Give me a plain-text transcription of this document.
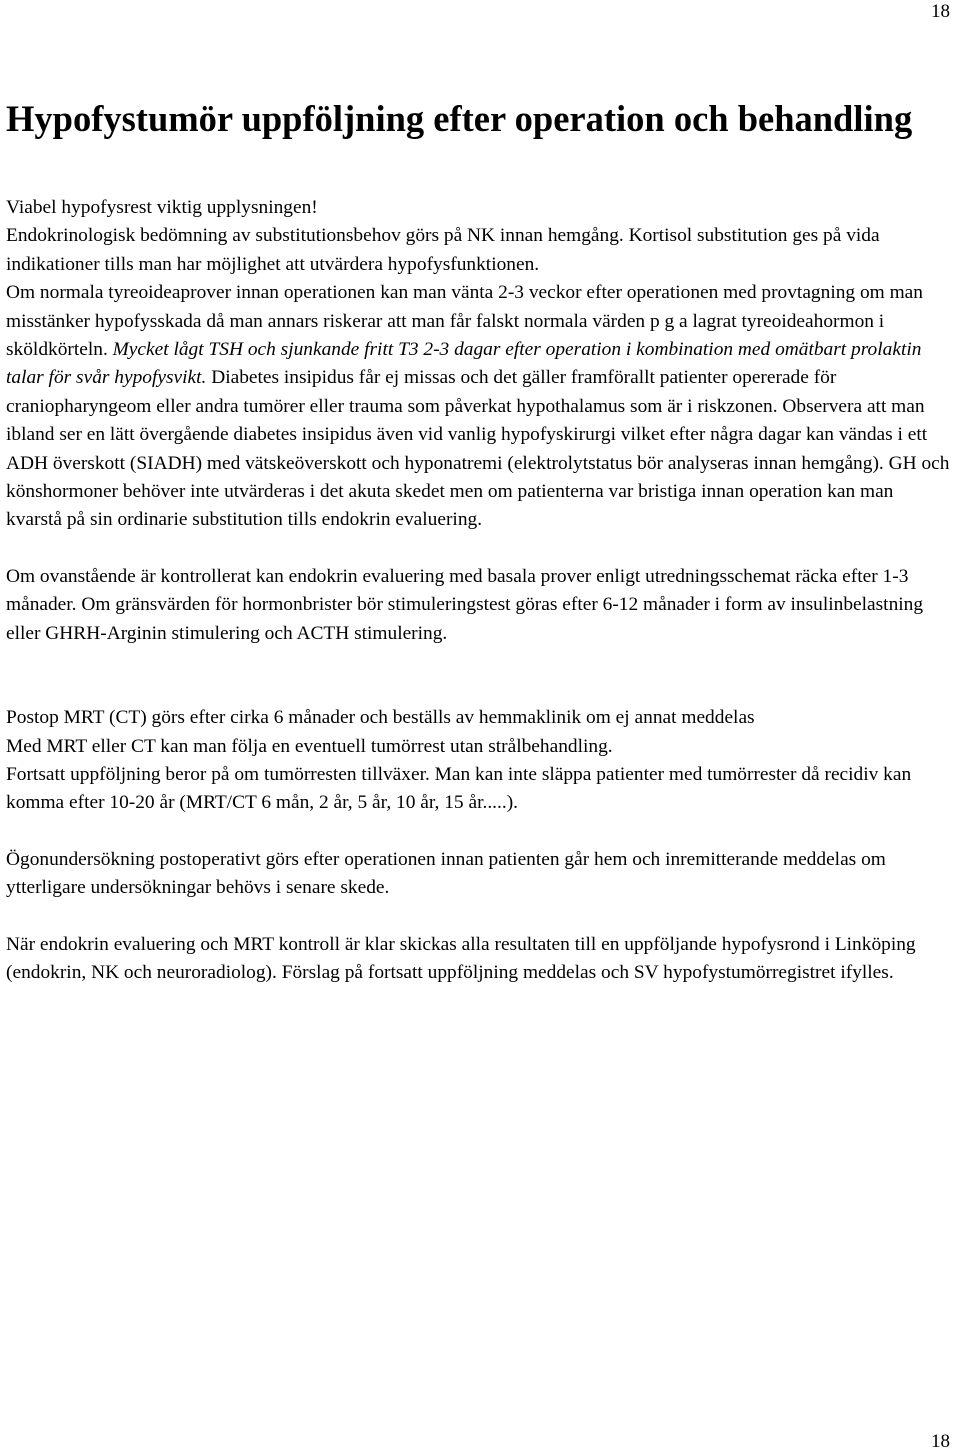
18
Hypofystumör uppföljning efter operation och behandling

Viabel hypofysrest viktig upplysningen!
Endokrinologisk bedömning av substitutionsbehov görs på NK innan hemgång. Kortisol substitution ges på vida indikationer tills man har möjlighet att utvärdera hypofysfunktionen.
Om normala tyreoideaprover innan operationen kan man vänta 2-3 veckor efter operationen med provtagning om man misstänker hypofysskada då man annars riskerar att man får falskt normala värden p g a lagrat tyreoideahormon i sköldkörteln. Mycket lågt TSH och sjunkande fritt T3 2-3 dagar efter operation i kombination med omätbart prolaktin talar för svår hypofysvikt. Diabetes insipidus får ej missas och det gäller framförallt patienter opererade för craniopharyngeom eller andra tumörer eller trauma som påverkat hypothalamus som är i riskzonen. Observera att man ibland ser en lätt övergående diabetes insipidus även vid vanlig hypofyskirurgi vilket efter några dagar kan vändas i ett ADH överskott (SIADH) med vätskeöverskott och hyponatremi (elektrolytstatus bör analyseras innan hemgång). GH och könshormoner behöver inte utvärderas i det akuta skedet men om patienterna var bristiga innan operation kan man kvarstå på sin ordinarie substitution tills endokrin evaluering.

Om ovanstående är kontrollerat kan endokrin evaluering med basala prover enligt utredningsschemat räcka efter 1-3 månader. Om gränsvärden för hormonbrister bör stimuleringstest göras efter 6-12 månader i form av insulinbelastning eller GHRH-Arginin stimulering och ACTH stimulering.

Postop MRT (CT) görs efter cirka 6 månader och beställs av hemmaklinik om ej annat meddelas
Med MRT eller CT kan man följa en eventuell tumörrest utan strålbehandling.
Fortsatt uppföljning beror på om tumörresten tillväxer. Man kan inte släppa patienter med tumörrester då recidiv kan komma efter 10-20 år (MRT/CT 6 mån, 2 år, 5 år, 10 år, 15 år.....).

Ögonundersökning postoperativt görs efter operationen innan patienten går hem och inremitterande meddelas om ytterligare undersökningar behövs i senare skede.

När endokrin evaluering och MRT kontroll är klar skickas alla resultaten till en uppföljande hypofysrond i Linköping (endokrin, NK och neuroradiolog). Förslag på fortsatt uppföljning meddelas och SV hypofystumörregistret ifylles.

18
